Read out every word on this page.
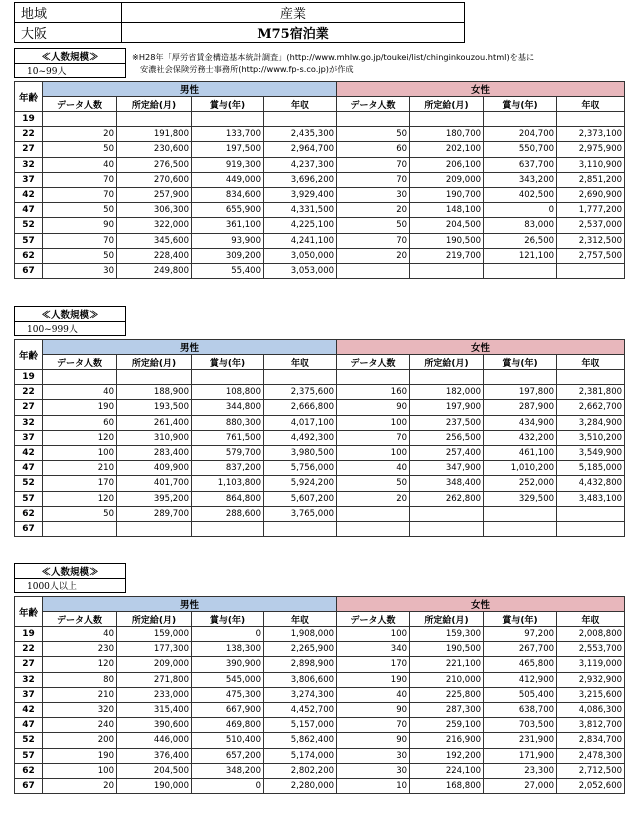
地域	産業
大阪	M75宿泊業
※H28年「厚労省賃金構造基本統計調査」(http://www.mhlw.go.jp/toukei/list/chinginkouzou.html)を基に
安濃社会保険労務士事務所(http://www.fp-s.co.jp)が作成
≪人数規模≫
10~99人
年齢	男性				女性			
	データ人数	所定給(月)	賞与(年)	年収	データ人数	所定給(月)	賞与(年)	年収
19								
22	20	191,800	133,700	2,435,300	50	180,700	204,700	2,373,100
27	50	230,600	197,500	2,964,700	60	202,100	550,700	2,975,900
32	40	276,500	919,300	4,237,300	70	206,100	637,700	3,110,900
37	70	270,600	449,000	3,696,200	70	209,000	343,200	2,851,200
42	70	257,900	834,600	3,929,400	30	190,700	402,500	2,690,900
47	50	306,300	655,900	4,331,500	20	148,100	0	1,777,200
52	90	322,000	361,100	4,225,100	50	204,500	83,000	2,537,000
57	70	345,600	93,900	4,241,100	70	190,500	26,500	2,312,500
62	50	228,400	309,200	3,050,000	20	219,700	121,100	2,757,500
67	30	249,800	55,400	3,053,000				
≪人数規模≫
100~999人
年齢	男性				女性			
	データ人数	所定給(月)	賞与(年)	年収	データ人数	所定給(月)	賞与(年)	年収
19								
22	40	188,900	108,800	2,375,600	160	182,000	197,800	2,381,800
27	190	193,500	344,800	2,666,800	90	197,900	287,900	2,662,700
32	60	261,400	880,300	4,017,100	100	237,500	434,900	3,284,900
37	120	310,900	761,500	4,492,300	70	256,500	432,200	3,510,200
42	100	283,400	579,700	3,980,500	100	257,400	461,100	3,549,900
47	210	409,900	837,200	5,756,000	40	347,900	1,010,200	5,185,000
52	170	401,700	1,103,800	5,924,200	50	348,400	252,000	4,432,800
57	120	395,200	864,800	5,607,200	20	262,800	329,500	3,483,100
62	50	289,700	288,600	3,765,000				
67								
≪人数規模≫
1000人以上
年齢	男性				女性			
	データ人数	所定給(月)	賞与(年)	年収	データ人数	所定給(月)	賞与(年)	年収
19	40	159,000	0	1,908,000	100	159,300	97,200	2,008,800
22	230	177,300	138,300	2,265,900	340	190,500	267,700	2,553,700
27	120	209,000	390,900	2,898,900	170	221,100	465,800	3,119,000
32	80	271,800	545,000	3,806,600	190	210,000	412,900	2,932,900
37	210	233,000	475,300	3,274,300	40	225,800	505,400	3,215,600
42	320	315,400	667,900	4,452,700	90	287,300	638,700	4,086,300
47	240	390,600	469,800	5,157,000	70	259,100	703,500	3,812,700
52	200	446,000	510,400	5,862,400	90	216,900	231,900	2,834,700
57	190	376,400	657,200	5,174,000	30	192,200	171,900	2,478,300
62	100	204,500	348,200	2,802,200	30	224,100	23,300	2,712,500
67	20	190,000	0	2,280,000	10	168,800	27,000	2,052,600
